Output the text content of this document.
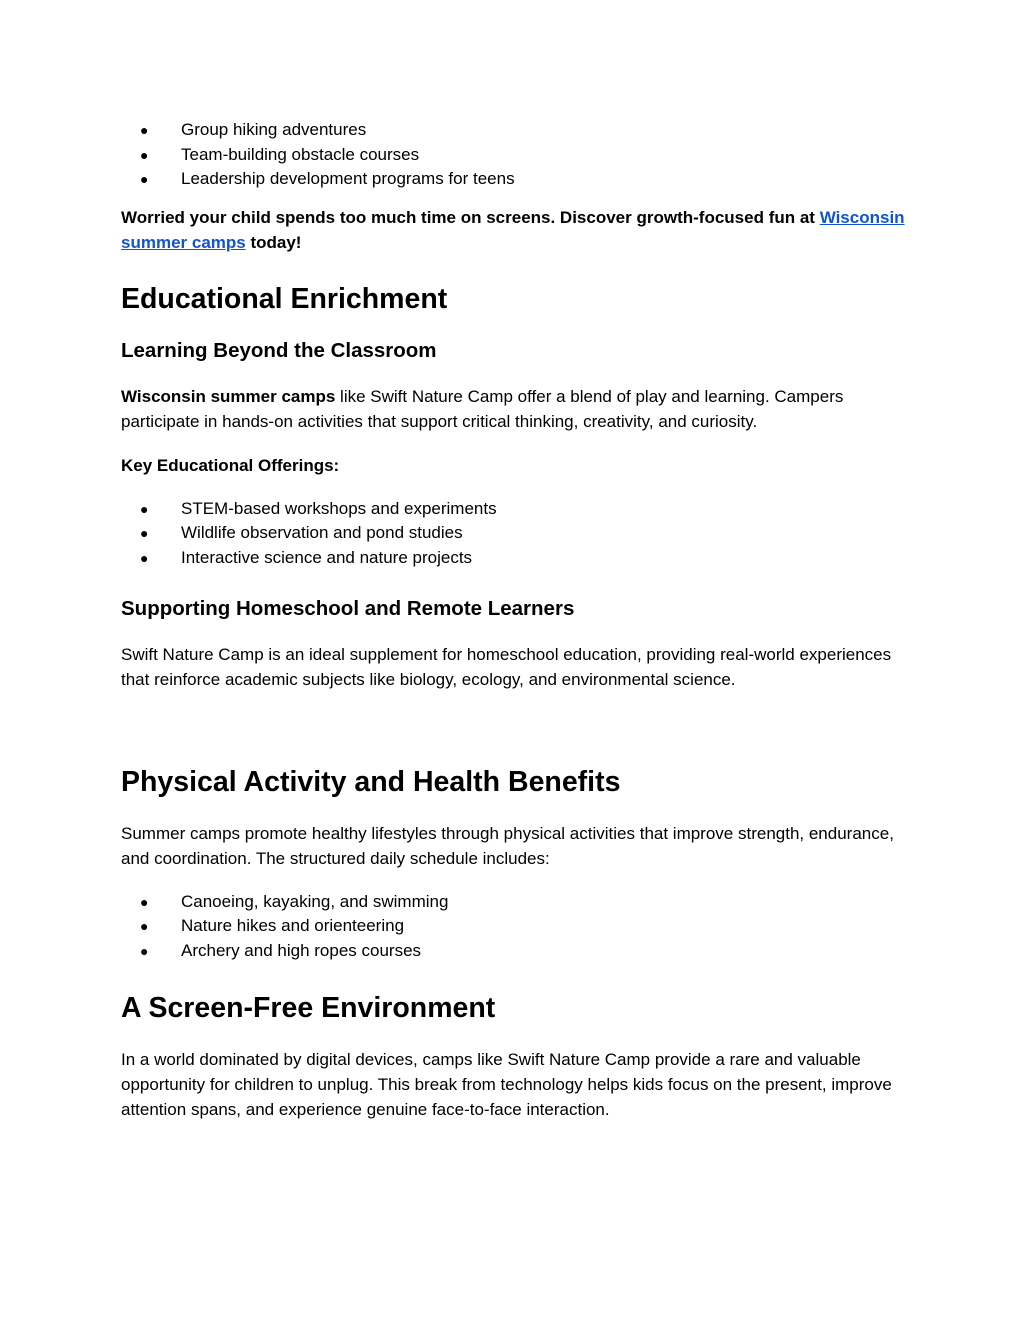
● Group hiking adventures
● Team-building obstacle courses
● Leadership development programs for teens

Worried your child spends too much time on screens. Discover growth-focused fun at Wisconsin summer camps today!

Educational Enrichment
Learning Beyond the Classroom

Wisconsin summer camps like Swift Nature Camp offer a blend of play and learning. Campers participate in hands-on activities that support critical thinking, creativity, and curiosity.

Key Educational Offerings:

● STEM-based workshops and experiments
● Wildlife observation and pond studies
● Interactive science and nature projects
Supporting Homeschool and Remote Learners

Swift Nature Camp is an ideal supplement for homeschool education, providing real-world experiences that reinforce academic subjects like biology, ecology, and environmental science.

Physical Activity and Health Benefits

Summer camps promote healthy lifestyles through physical activities that improve strength, endurance, and coordination. The structured daily schedule includes:

● Canoeing, kayaking, and swimming
● Nature hikes and orienteering
● Archery and high ropes courses
A Screen-Free Environment

In a world dominated by digital devices, camps like Swift Nature Camp provide a rare and valuable opportunity for children to unplug. This break from technology helps kids focus on the present, improve attention spans, and experience genuine face-to-face interaction.
